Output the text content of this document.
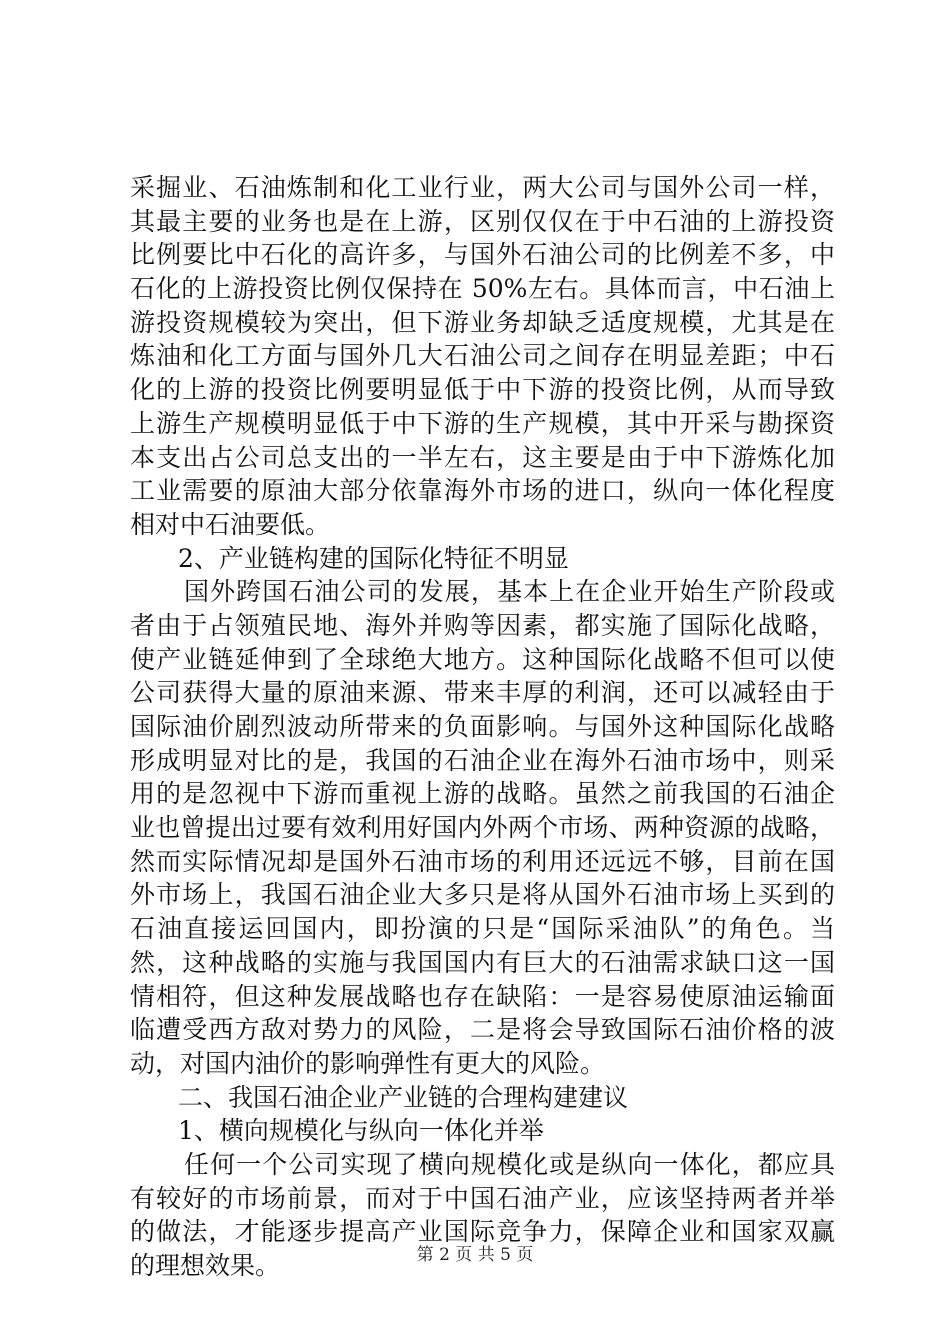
采掘业、石油炼制和化工业行业，两大公司与国外公司一样，
其最主要的业务也是在上游，区别仅仅在于中石油的上游投资
比例要比中石化的高许多，与国外石油公司的比例差不多，中
石化的上游投资比例仅保持在 50%左右。具体而言，中石油上
游投资规模较为突出，但下游业务却缺乏适度规模，尤其是在
炼油和化工方面与国外几大石油公司之间存在明显差距；中石
化的上游的投资比例要明显低于中下游的投资比例，从而导致
上游生产规模明显低于中下游的生产规模，其中开采与勘探资
本支出占公司总支出的一半左右，这主要是由于中下游炼化加
工业需要的原油大部分依靠海外市场的进口，纵向一体化程度
相对中石油要低。
2、产业链构建的国际化特征不明显
国外跨国石油公司的发展，基本上在企业开始生产阶段或
者由于占领殖民地、海外并购等因素，都实施了国际化战略，
使产业链延伸到了全球绝大地方。这种国际化战略不但可以使
公司获得大量的原油来源、带来丰厚的利润，还可以减轻由于
国际油价剧烈波动所带来的负面影响。与国外这种国际化战略
形成明显对比的是，我国的石油企业在海外石油市场中，则采
用的是忽视中下游而重视上游的战略。虽然之前我国的石油企
业也曾提出过要有效利用好国内外两个市场、两种资源的战略，
然而实际情况却是国外石油市场的利用还远远不够，目前在国
外市场上，我国石油企业大多只是将从国外石油市场上买到的
石油直接运回国内，即扮演的只是“国际采油队”的角色。当
然，这种战略的实施与我国国内有巨大的石油需求缺口这一国
情相符，但这种发展战略也存在缺陷：一是容易使原油运输面
临遭受西方敌对势力的风险，二是将会导致国际石油价格的波
动，对国内油价的影响弹性有更大的风险。
二、我国石油企业产业链的合理构建建议
1、横向规模化与纵向一体化并举
任何一个公司实现了横向规模化或是纵向一体化，都应具
有较好的市场前景，而对于中国石油产业，应该坚持两者并举
的做法，才能逐步提高产业国际竞争力，保障企业和国家双赢
的理想效果。	第 2 页 共 5 页
